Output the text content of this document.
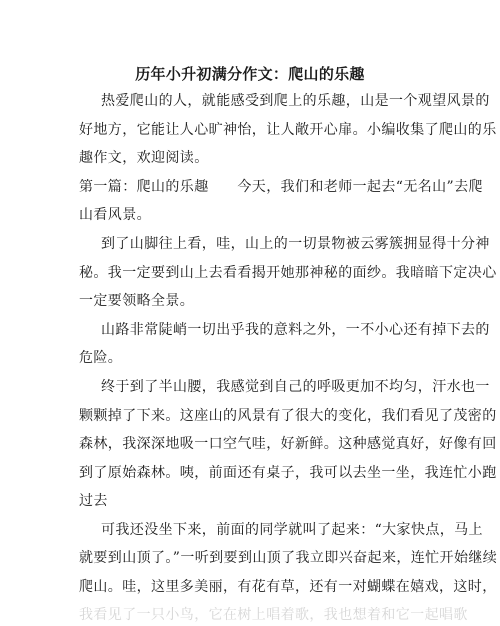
历年小升初满分作文：爬山的乐趣

热爱爬山的人，就能感受到爬上的乐趣，山是一个观望风景的

好地方，它能让人心旷神怡，让人敞开心扉。小编收集了爬山的乐

趣作文，欢迎阅读。

第一篇：爬山的乐趣　　今天，我们和老师一起去“无名山”去爬

山看风景。

到了山脚往上看，哇，山上的一切景物被云雾簇拥显得十分神

秘。我一定要到山上去看看揭开她那神秘的面纱。我暗暗下定决心

一定要领略全景。

山路非常陡峭一切出乎我的意料之外，一不小心还有掉下去的

危险。

终于到了半山腰，我感觉到自己的呼吸更加不均匀，汗水也一

颗颗掉了下来。这座山的风景有了很大的变化，我们看见了茂密的

森林，我深深地吸一口空气哇，好新鲜。这种感觉真好，好像有回

到了原始森林。咦，前面还有桌子，我可以去坐一坐，我连忙小跑

过去

可我还没坐下来，前面的同学就叫了起来：“大家快点，马上

就要到山顶了。”一听到要到山顶了我立即兴奋起来，连忙开始继续

爬山。哇，这里多美丽，有花有草，还有一对蝴蝶在嬉戏，这时，

我看见了一只小鸟，它在树上唱着歌，我也想着和它一起唱歌
